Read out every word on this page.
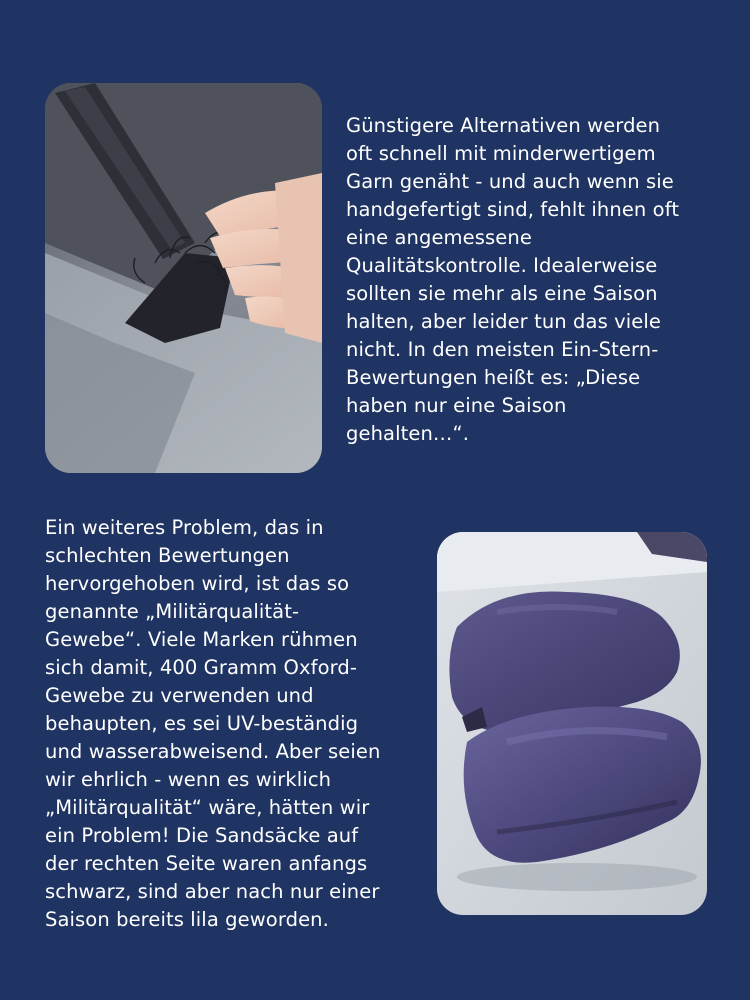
Günstigere Alternativen werden
oft schnell mit minderwertigem
Garn genäht - und auch wenn sie
handgefertigt sind, fehlt ihnen oft
eine angemessene
Qualitätskontrolle. Idealerweise
sollten sie mehr als eine Saison
halten, aber leider tun das viele
nicht. In den meisten Ein-Stern-
Bewertungen heißt es: „Diese
haben nur eine Saison
gehalten…“.
Ein weiteres Problem, das in
schlechten Bewertungen
hervorgehoben wird, ist das so
genannte „Militärqualität-
Gewebe“. Viele Marken rühmen
sich damit, 400 Gramm Oxford-
Gewebe zu verwenden und
behaupten, es sei UV-beständig
und wasserabweisend. Aber seien
wir ehrlich - wenn es wirklich
„Militärqualität“ wäre, hätten wir
ein Problem! Die Sandsäcke auf
der rechten Seite waren anfangs
schwarz, sind aber nach nur einer
Saison bereits lila geworden.
